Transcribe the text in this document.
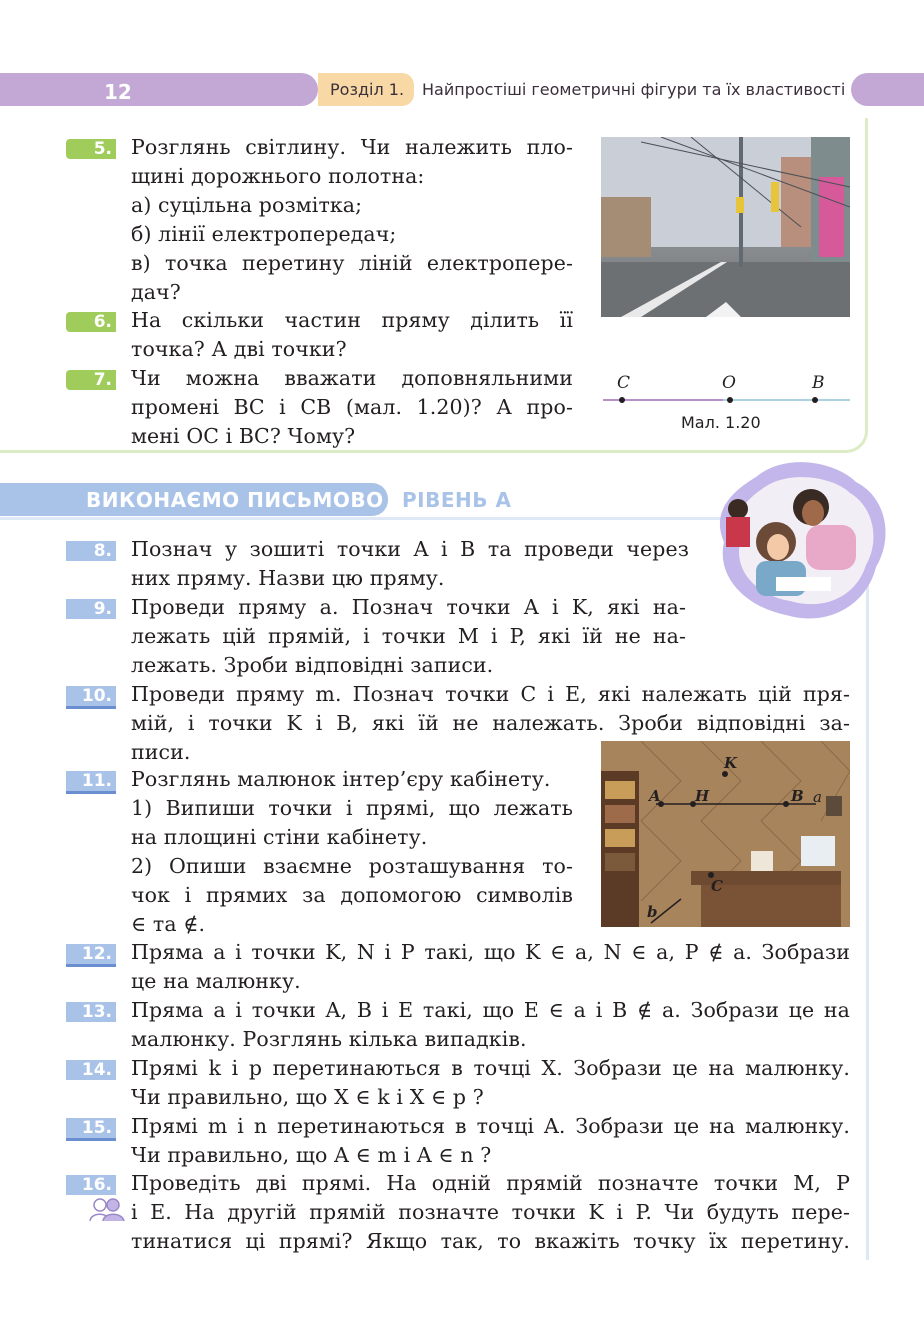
12	Розділ 1. Найпростіші геометричні фігури та їх властивості
5. Розглянь світлину. Чи належить пло-
щині дорожнього полотна:
а) суцільна розмітка;
б) лінії електропередач;
в) точка перетину ліній електропере-
дач?
6. На скільки частин пряму ділить її
точка? А дві точки?
7. Чи можна вважати доповняльними
промені ВС і СВ (мал. 1.20)? А про-
мені ОС і ВС? Чому?
C	O	B
Мал. 1.20
ВИКОНАЄМО ПИСЬМОВО РІВЕНЬ А
8. Познач у зошиті точки A і B та проведи через
них пряму. Назви цю пряму.
9. Проведи пряму a. Познач точки A і K, які на-
лежать цій прямій, і точки M і P, які їй не на-
лежать. Зроби відповідні записи.
10. Проведи пряму m. Познач точки C і E, які належать цій пря-
мій, і точки K і B, які їй не належать. Зроби відповідні за-
писи.
11. Розглянь малюнок інтер’єру кабінету.
1) Випиши точки і прямі, що лежать
на площині стіни кабінету.
2) Опиши взаємне розташування то-
чок і прямих за допомогою символів
∈ та ∉.
K
A H	B a
C
b
12. Пряма a і точки K, N і P такі, що K ∈ a, N ∈ a, P ∉ a. Зобрази
це на малюнку.
13. Пряма a і точки A, B і E такі, що E ∈ a і B ∉ a. Зобрази це на
малюнку. Розглянь кілька випадків.
14. Прямі k і p перетинаються в точці X. Зобрази це на малюнку.
Чи правильно, що X ∈ k і X ∈ p ?
15. Прямі m і n перетинаються в точці A. Зобрази це на малюнку.
Чи правильно, що A ∈ m і A ∈ n ?
16. Проведіть дві прямі. На одній прямій позначте точки M, P
і E. На другій прямій позначте точки K і P. Чи будуть пере-
тинатися ці прямі? Якщо так, то вкажіть точку їх перетину.
